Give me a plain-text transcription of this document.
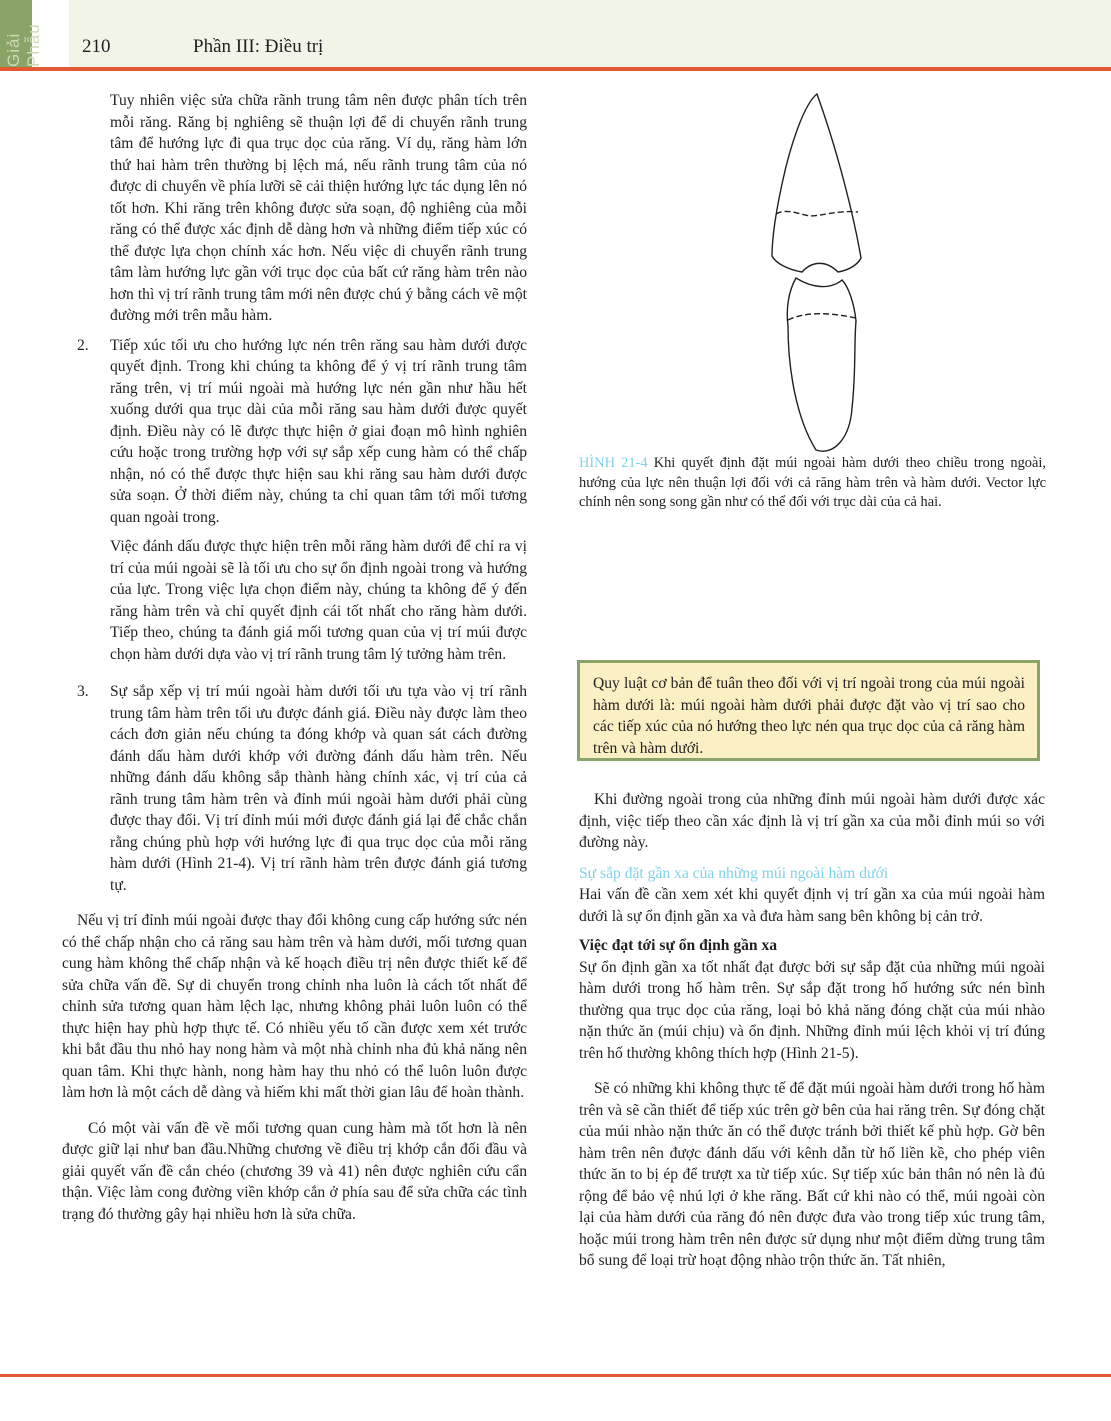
Giải Phẫu 210	Phần III: Điều trị

Tuy nhiên việc sửa chữa rãnh trung tâm nên được phân tích trên mỗi răng. Răng bị nghiêng sẽ thuận lợi để di chuyển rãnh trung tâm để hướng lực đi qua trục dọc của răng. Ví dụ, răng hàm lớn thứ hai hàm trên thường bị lệch má, nếu rãnh trung tâm của nó được di chuyển về phía lưỡi sẽ cải thiện hướng lực tác dụng lên nó tốt hơn. Khi răng trên không được sửa soạn, độ nghiêng của mỗi răng có thể được xác định dễ dàng hơn và những điểm tiếp xúc có thể được lựa chọn chính xác hơn. Nếu việc di chuyển rãnh trung tâm làm hướng lực gần với trục dọc của bất cứ răng hàm trên nào hơn thì vị trí rãnh trung tâm mới nên được chú ý bằng cách vẽ một đường mới trên mẫu hàm.

2. Tiếp xúc tối ưu cho hướng lực nén trên răng sau hàm dưới được quyết định. Trong khi chúng ta không để ý vị trí rãnh trung tâm răng trên, vị trí múi ngoài mà hướng lực nén gần như hầu hết xuống dưới qua trục dài của mỗi răng sau hàm dưới được quyết định. Điều này có lẽ được thực hiện ở giai đoạn mô hình nghiên cứu hoặc trong trường hợp với sự sắp xếp cung hàm có thể chấp nhận, nó có thể được thực hiện sau khi răng sau hàm dưới được sửa soạn. Ở thời điểm này, chúng ta chỉ quan tâm tới mối tương quan ngoài trong.

Việc đánh dấu được thực hiện trên mỗi răng hàm dưới để chỉ ra vị trí của múi ngoài sẽ là tối ưu cho sự ổn định ngoài trong và hướng của lực. Trong việc lựa chọn điểm này, chúng ta không để ý đến răng hàm trên và chỉ quyết định cái tốt nhất cho răng hàm dưới. Tiếp theo, chúng ta đánh giá mối tương quan của vị trí múi được chọn hàm dưới dựa vào vị trí rãnh trung tâm lý tưởng hàm trên.

3. Sự sắp xếp vị trí múi ngoài hàm dưới tối ưu tựa vào vị trí rãnh trung tâm hàm trên tối ưu được đánh giá. Điều này được làm theo cách đơn giản nếu chúng ta đóng khớp và quan sát cách đường đánh dấu hàm dưới khớp với đường đánh dấu hàm trên. Nếu những đánh dấu không sắp thành hàng chính xác, vị trí của cả rãnh trung tâm hàm trên và đỉnh múi ngoài hàm dưới phải cùng được thay đổi. Vị trí đỉnh múi mới được đánh giá lại để chắc chắn rằng chúng phù hợp với hướng lực đi qua trục dọc của mỗi răng hàm dưới (Hình 21-4). Vị trí rãnh hàm trên được đánh giá tương tự.

Nếu vị trí đỉnh múi ngoài được thay đổi không cung cấp hướng sức nén có thể chấp nhận cho cả răng sau hàm trên và hàm dưới, mối tương quan cung hàm không thể chấp nhận và kế hoạch điều trị nên được thiết kế để sửa chữa vấn đề. Sự di chuyển trong chỉnh nha luôn là cách tốt nhất để chỉnh sửa tương quan hàm lệch lạc, nhưng không phải luôn luôn có thể thực hiện hay phù hợp thực tế. Có nhiều yếu tố cần được xem xét trước khi bắt đầu thu nhỏ hay nong hàm và một nhà chỉnh nha đủ khả năng nên quan tâm. Khi thực hành, nong hàm hay thu nhỏ có thể luôn luôn được làm hơn là một cách dễ dàng và hiếm khi mất thời gian lâu để hoàn thành.

Có một vài vấn đề về mối tương quan cung hàm mà tốt hơn là nên được giữ lại như ban đầu.Những chương về điều trị khớp cắn đối đầu và giải quyết vấn đề cắn chéo (chương 39 và 41) nên được nghiên cứu cẩn thận. Việc làm cong đường viền khớp cắn ở phía sau để sửa chữa các tình trạng đó thường gây hại nhiều hơn là sửa chữa.

HÌNH 21-4 Khi quyết định đặt múi ngoài hàm dưới theo chiều trong ngoài, hướng của lực nên thuận lợi đối với cả răng hàm trên và hàm dưới. Vector lực chính nên song song gần như có thể đối với trục dài của cả hai.

Quy luật cơ bản để tuân theo đối với vị trí ngoài trong của múi ngoài hàm dưới là: múi ngoài hàm dưới phải được đặt vào vị trí sao cho các tiếp xúc của nó hướng theo lực nén qua trục dọc của cả răng hàm trên và hàm dưới.

Khi đường ngoài trong của những đỉnh múi ngoài hàm dưới được xác định, việc tiếp theo cần xác định là vị trí gần xa của mỗi đỉnh múi so với đường này.

Sự sắp đặt gần xa của những múi ngoài hàm dưới

Hai vấn đề cần xem xét khi quyết định vị trí gần xa của múi ngoài hàm dưới là sự ổn định gần xa và đưa hàm sang bên không bị cản trở.

Việc đạt tới sự ổn định gần xa

Sự ổn định gần xa tốt nhất đạt được bởi sự sắp đặt của những múi ngoài hàm dưới trong hố hàm trên. Sự sắp đặt trong hố hướng sức nén bình thường qua trục dọc của răng, loại bỏ khả năng đóng chặt của múi nhào nặn thức ăn (múi chịu) và ổn định. Những đỉnh múi lệch khỏi vị trí đúng trên hố thường không thích hợp (Hình 21-5).

Sẽ có những khi không thực tế để đặt múi ngoài hàm dưới trong hố hàm trên và sẽ cần thiết để tiếp xúc trên gờ bên của hai răng trên. Sự đóng chặt của múi nhào nặn thức ăn có thể được tránh bởi thiết kế phù hợp. Gờ bên hàm trên nên được đánh dấu với kênh dẫn từ hố liền kề, cho phép viên thức ăn to bị ép để trượt xa từ tiếp xúc. Sự tiếp xúc bản thân nó nên là đủ rộng để bảo vệ nhú lợi ở khe răng. Bất cứ khi nào có thể, múi ngoài còn lại của hàm dưới của răng đó nên được đưa vào trong tiếp xúc trung tâm, hoặc múi trong hàm trên nên được sử dụng như một điểm dừng trung tâm bổ sung để loại trừ hoạt động nhào trộn thức ăn. Tất nhiên,
